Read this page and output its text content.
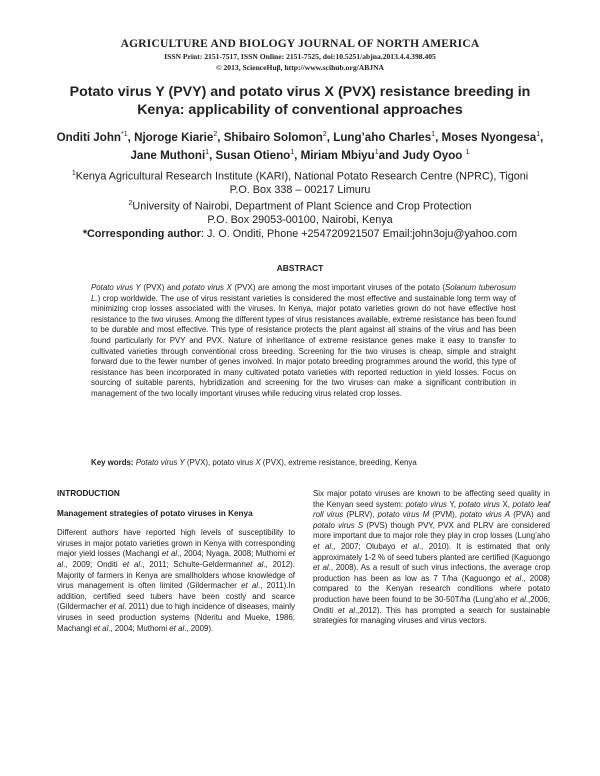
AGRICULTURE AND BIOLOGY JOURNAL OF NORTH AMERICA
ISSN Print: 2151-7517, ISSN Online: 2151-7525, doi:10.5251/abjna.2013.4.4.398.405
© 2013, ScienceHuβ, http://www.scihub.org/ABJNA
Potato virus Y (PVY) and potato virus X (PVX) resistance breeding in Kenya: applicability of conventional approaches
Onditi John$^{*1}$, Njoroge Kiarie$^2$, Shibairo Solomon$^2$, Lung’aho Charles$^1$, Moses Nyongesa$^1$, Jane Muthoni$^1$, Susan Otieno$^1$, Miriam Mbiyu$^1$and Judy Oyoo $^1$
$^1$Kenya Agricultural Research Institute (KARI), National Potato Research Centre (NPRC), Tigoni
P.O. Box 338 – 00217 Limuru
$^2$University of Nairobi, Department of Plant Science and Crop Protection
P.O. Box 29053-00100, Nairobi, Kenya
*Corresponding author: J. O. Onditi, Phone +254720921507 Email:john3oju@yahoo.com
ABSTRACT
Potato virus Y (PVX) and potato virus X (PVX) are among the most important viruses of the potato (Solanum tuberosum L.) crop worldwide. The use of virus resistant varieties is considered the most effective and sustainable long term way of minimizing crop losses associated with the viruses. In Kenya, major potato varieties grown do not have effective host resistance to the two viruses. Among the different types of virus resistances available, extreme resistance has been found to be durable and most effective. This type of resistance protects the plant against all strains of the virus and has been found particularly for PVY and PVX. Nature of inheritance of extreme resistance genes make it easy to transfer to cultivated varieties through conventional cross breeding. Screening for the two viruses is cheap, simple and straight forward due to the fewer number of genes involved. In major potato breeding programmes around the world, this type of resistance has been incorporated in many cultivated potato varieties with reported reduction in yield losses. Focus on sourcing of suitable parents, hybridization and screening for the two viruses can make a significant contribution in management of the two locally important viruses while reducing virus related crop losses.
Key words: Potato virus Y (PVX), potato virus X (PVX), extreme resistance, breeding, Kenya
INTRODUCTION
Management strategies of potato viruses in Kenya

Different authors have reported high levels of susceptibility to viruses in major potato varieties grown in Kenya with corresponding major yield losses (Machangi et al., 2004; Nyaga, 2008; Muthomi et al., 2009; Onditi et al., 2011; Schulte-Geldermannet al., 2012). Majority of farmers in Kenya are smallholders whose knowledge of virus management is often limited (Gildermacher et al., 2011).In addition, certified seed tubers have been costly and scarce (Gildermacher et al. 2011) due to high incidence of diseases, mainly viruses in seed production systems (Nderitu and Mueke, 1986; Machangi et al., 2004; Muthomi et al., 2009).

Six major potato viruses are known to be affecting seed quality in the Kenyan seed system: potato virus Y, potato virus X, potato leaf roll virus (PLRV), potato virus M (PVM), potato virus A (PVA) and potato virus S (PVS) though PVY, PVX and PLRV are considered more important due to major role they play in crop losses (Lung’aho et al., 2007; Olubayo et al., 2010). It is estimated that only approximately 1-2 % of seed tubers planted are certified (Kaguongo et al., 2008). As a result of such virus infections, the average crop production has been as low as 7 T/ha (Kaguongo et al., 2008) compared to the Kenyan research conditions where potato production have been found to be 30-50T/ha (Lung’aho et al.,2006; Onditi et al.,2012). This has prompted a search for sustainable strategies for managing viruses and virus vectors.
